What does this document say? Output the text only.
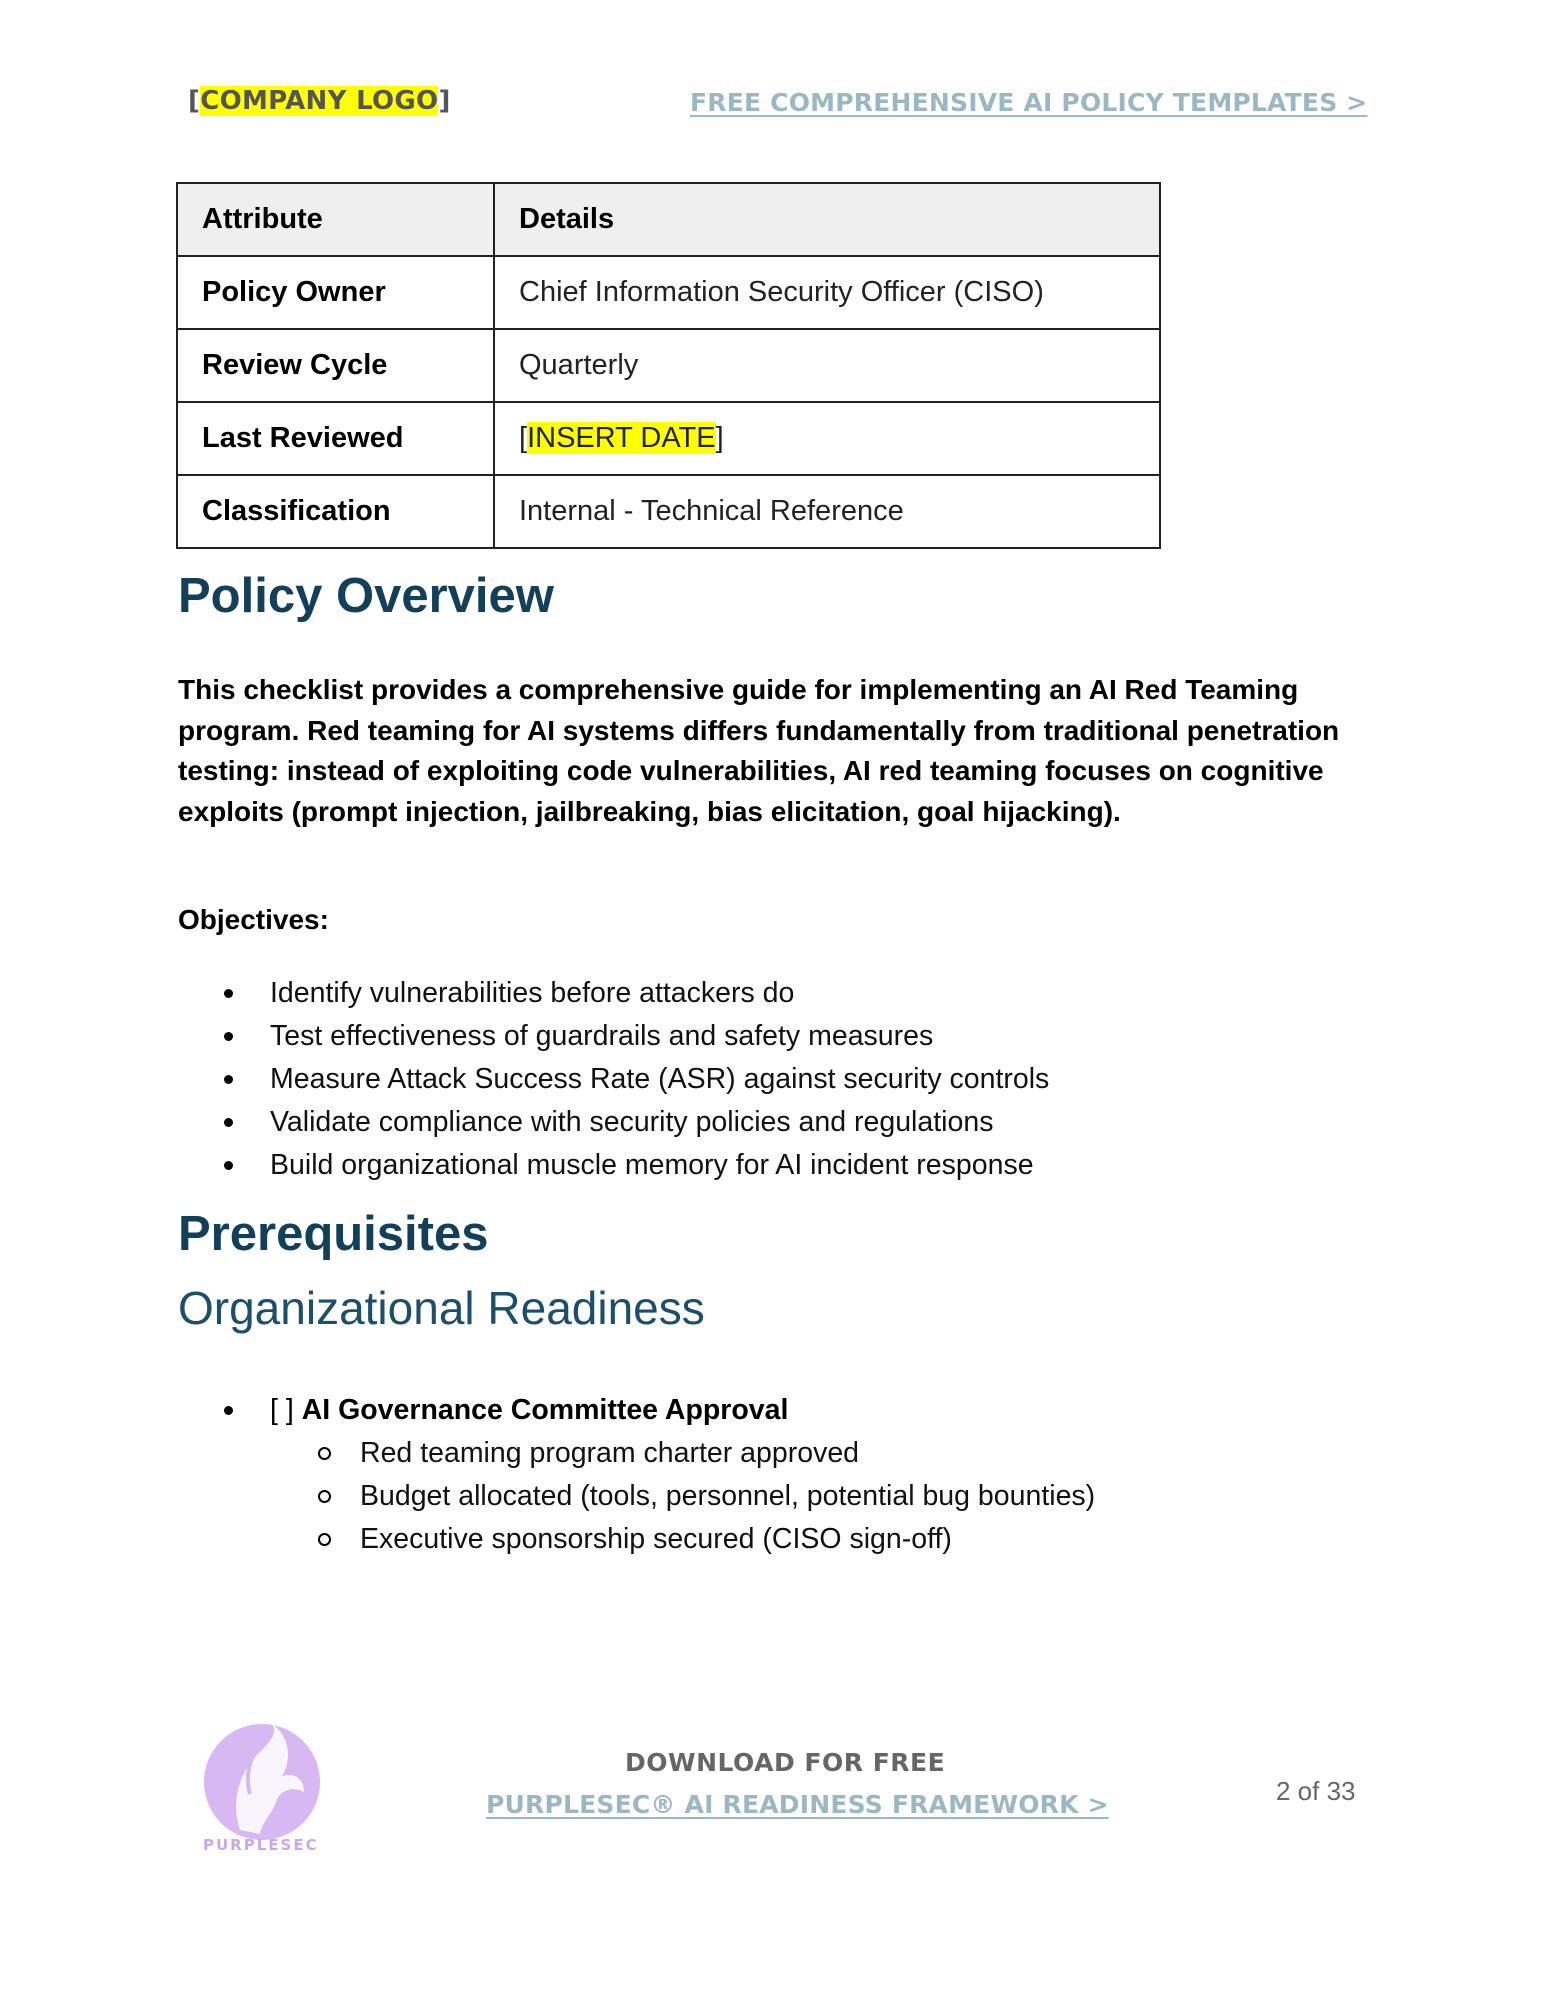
[COMPANY LOGO]	FREE COMPREHENSIVE AI POLICY TEMPLATES >
Attribute	Details
Policy Owner	Chief Information Security Officer (CISO)
Review Cycle	Quarterly
Last Reviewed	[INSERT DATE]
Classification	Internal - Technical Reference
Policy Overview

This checklist provides a comprehensive guide for implementing an AI Red Teaming program. Red teaming for AI systems differs fundamentally from traditional penetration testing: instead of exploiting code vulnerabilities, AI red teaming focuses on cognitive exploits (prompt injection, jailbreaking, bias elicitation, goal hijacking).

Objectives:

Identify vulnerabilities before attackers do
Test effectiveness of guardrails and safety measures
Measure Attack Success Rate (ASR) against security controls
Validate compliance with security policies and regulations
Build organizational muscle memory for AI incident response
Prerequisites
Organizational Readiness

[ ] AI Governance Committee Approval

Red teaming program charter approved
Budget allocated (tools, personnel, potential bug bounties)
Executive sponsorship secured (CISO sign-off)
PURPLESEC
DOWNLOAD FOR FREE
PURPLESEC® AI READINESS FRAMEWORK >	2 of 33
